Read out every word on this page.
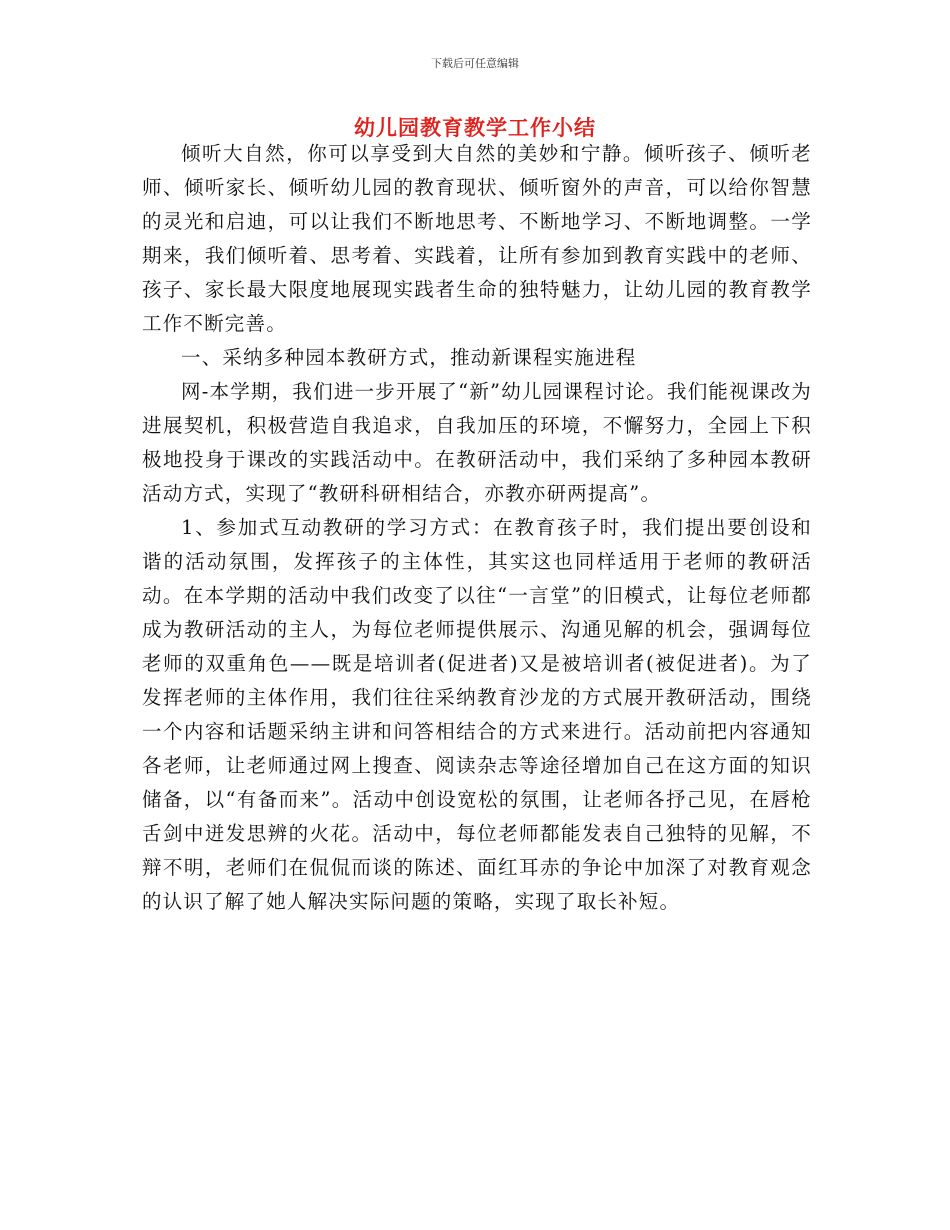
下载后可任意编辑
幼儿园教育教学工作小结

倾听大自然，你可以享受到大自然的美妙和宁静。倾听孩子、倾听老师、倾听家长、倾听幼儿园的教育现状、倾听窗外的声音，可以给你智慧的灵光和启迪，可以让我们不断地思考、不断地学习、不断地调整。一学期来，我们倾听着、思考着、实践着，让所有参加到教育实践中的老师、孩子、家长最大限度地展现实践者生命的独特魅力，让幼儿园的教育教学工作不断完善。

一、采纳多种园本教研方式，推动新课程实施进程

网-本学期，我们进一步开展了“新”幼儿园课程讨论。我们能视课改为进展契机，积极营造自我追求，自我加压的环境，不懈努力，全园上下积极地投身于课改的实践活动中。在教研活动中，我们采纳了多种园本教研活动方式，实现了“教研科研相结合，亦教亦研两提高”。

1、参加式互动教研的学习方式：在教育孩子时，我们提出要创设和谐的活动氛围，发挥孩子的主体性，其实这也同样适用于老师的教研活动。在本学期的活动中我们改变了以往“一言堂”的旧模式，让每位老师都成为教研活动的主人，为每位老师提供展示、沟通见解的机会，强调每位老师的双重角色——既是培训者(促进者)又是被培训者(被促进者)。为了发挥老师的主体作用，我们往往采纳教育沙龙的方式展开教研活动，围绕一个内容和话题采纳主讲和问答相结合的方式来进行。活动前把内容通知各老师，让老师通过网上搜查、阅读杂志等途径增加自己在这方面的知识储备，以“有备而来”。活动中创设宽松的氛围，让老师各抒己见，在唇枪舌剑中迸发思辨的火花。活动中，每位老师都能发表自己独特的见解，不辩不明，老师们在侃侃而谈的陈述、面红耳赤的争论中加深了对教育观念的认识了解了她人解决实际问题的策略，实现了取长补短。
